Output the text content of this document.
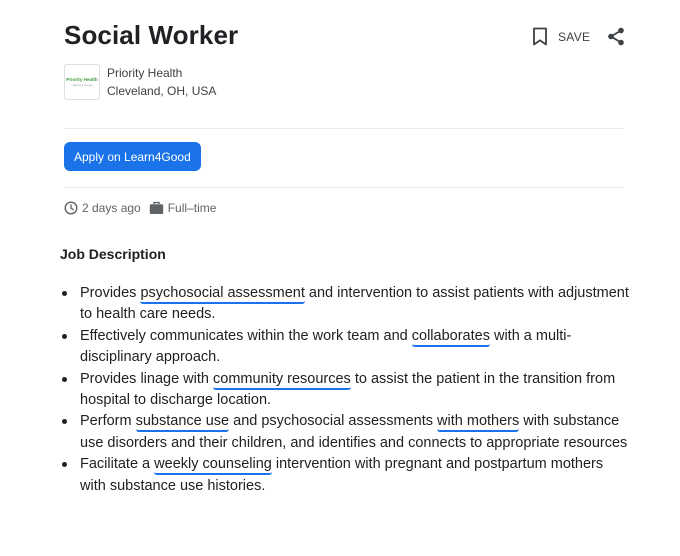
Social Worker	SAVE
Priority Health
making it simple
Priority Health
Cleveland, OH, USA
Apply on Learn4Good
2 days ago Full–time
Job Description
Provides psychosocial assessment and intervention to assist patients with adjustment to health care needs.
Effectively communicates within the work team and collaborates with a multi-disciplinary approach.
Provides linage with community resources to assist the patient in the transition from hospital to discharge location.
Perform substance use and psychosocial assessments with mothers with substance use disorders and their children, and identifies and connects to appropriate resources
Facilitate a weekly counseling intervention with pregnant and postpartum mothers with substance use histories.
